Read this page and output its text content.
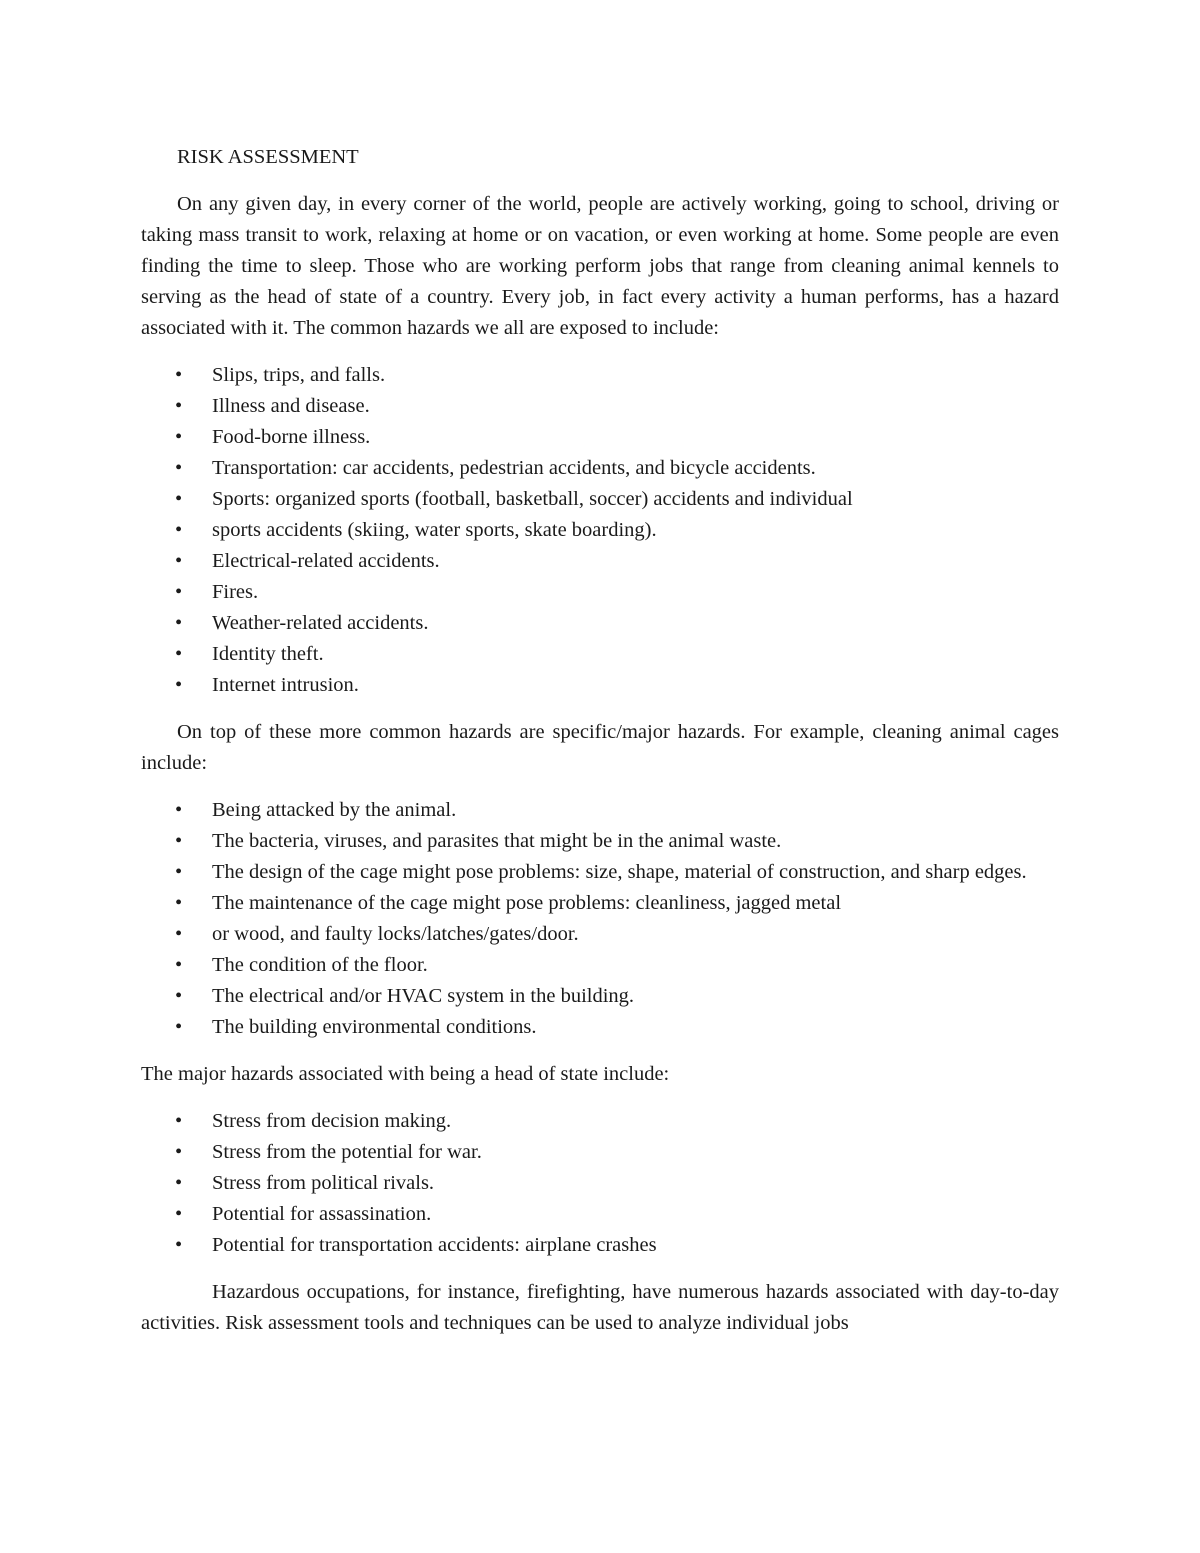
RISK ASSESSMENT

On any given day, in every corner of the world, people are actively working, going to school, driving or taking mass transit to work, relaxing at home or on vacation, or even working at home. Some people are even finding the time to sleep. Those who are working perform jobs that range from cleaning animal kennels to serving as the head of state of a country. Every job, in fact every activity a human performs, has a hazard associated with it. The common hazards we all are exposed to include:

• Slips, trips, and falls.
• Illness and disease.
• Food-borne illness.
• Transportation: car accidents, pedestrian accidents, and bicycle accidents.
• Sports: organized sports (football, basketball, soccer) accidents and individual
• sports accidents (skiing, water sports, skate boarding).
• Electrical-related accidents.
• Fires.
• Weather-related accidents.
• Identity theft.
• Internet intrusion.

On top of these more common hazards are specific/major hazards. For example, cleaning animal cages include:

• Being attacked by the animal.
• The bacteria, viruses, and parasites that might be in the animal waste.
• The design of the cage might pose problems: size, shape, material of construction, and sharp edges.
• The maintenance of the cage might pose problems: cleanliness, jagged metal
• or wood, and faulty locks/latches/gates/door.
• The condition of the floor.
• The electrical and/or HVAC system in the building.
• The building environmental conditions.

The major hazards associated with being a head of state include:

• Stress from decision making.
• Stress from the potential for war.
• Stress from political rivals.
• Potential for assassination.
• Potential for transportation accidents: airplane crashes

Hazardous occupations, for instance, firefighting, have numerous hazards associated with day-to-day activities. Risk assessment tools and techniques can be used to analyze individual jobs
